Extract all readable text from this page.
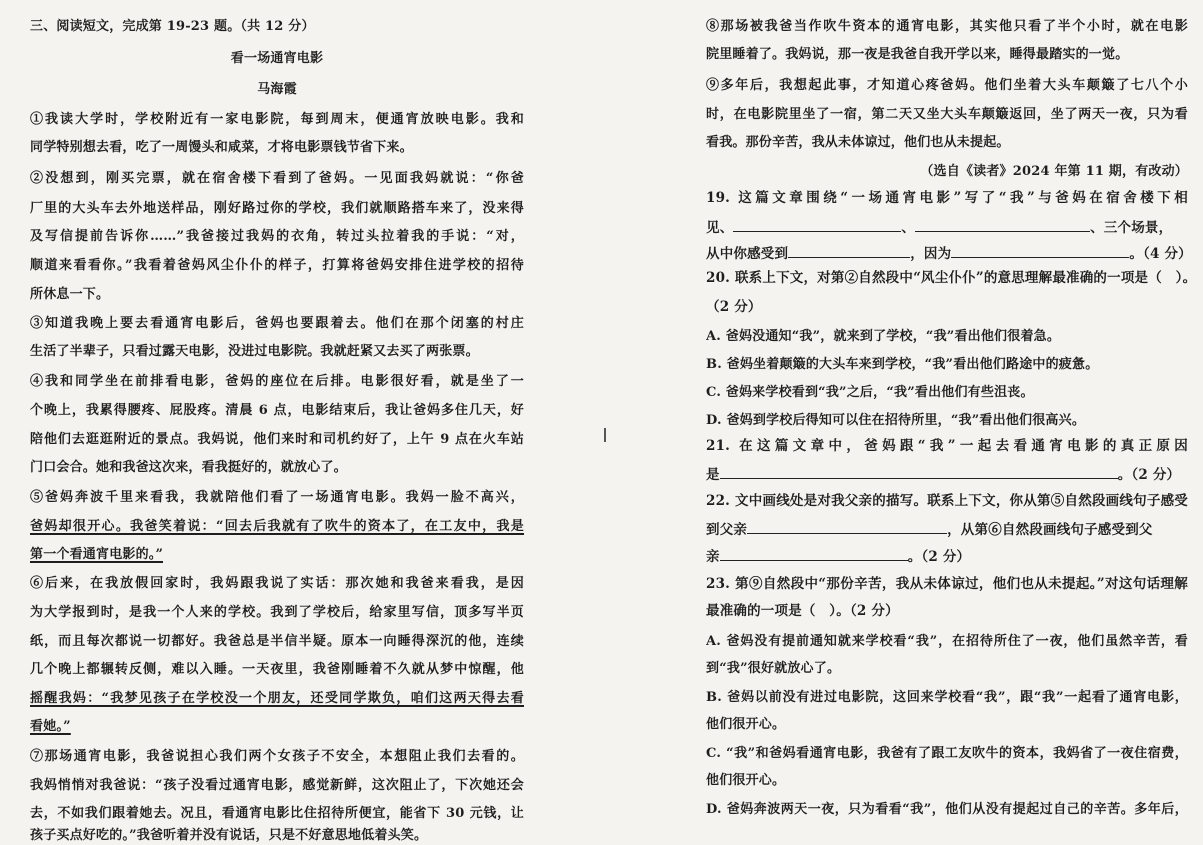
三、阅读短文，完成第 19-23 题。（共 12 分）

看一场通宵电影

马海霞

①我读大学时，学校附近有一家电影院，每到周末，便通宵放映电影。我和

同学特别想去看，吃了一周馒头和咸菜，才将电影票钱节省下来。

②没想到，刚买完票，就在宿舍楼下看到了爸妈。一见面我妈就说：“你爸

厂里的大头车去外地送样品，刚好路过你的学校，我们就顺路搭车来了，没来得

及写信提前告诉你……”我爸接过我妈的衣角，转过头拉着我的手说：“对，

顺道来看看你。”我看着爸妈风尘仆仆的样子，打算将爸妈安排住进学校的招待

所休息一下。

③知道我晚上要去看通宵电影后，爸妈也要跟着去。他们在那个闭塞的村庄

生活了半辈子，只看过露天电影，没进过电影院。我就赶紧又去买了两张票。

④我和同学坐在前排看电影，爸妈的座位在后排。电影很好看，就是坐了一

个晚上，我累得腰疼、屁股疼。清晨 6 点，电影结束后，我让爸妈多住几天，好

陪他们去逛逛附近的景点。我妈说，他们来时和司机约好了，上午 9 点在火车站

门口会合。她和我爸这次来，看我挺好的，就放心了。

⑤爸妈奔波千里来看我，我就陪他们看了一场通宵电影。我妈一脸不高兴，

爸妈却很开心。我爸笑着说：“回去后我就有了吹牛的资本了，在工友中，我是

第一个看通宵电影的。”

⑥后来，在我放假回家时，我妈跟我说了实话：那次她和我爸来看我，是因

为大学报到时，是我一个人来的学校。我到了学校后，给家里写信，顶多写半页

纸，而且每次都说一切都好。我爸总是半信半疑。原本一向睡得深沉的他，连续

几个晚上都辗转反侧，难以入睡。一天夜里，我爸刚睡着不久就从梦中惊醒，他

摇醒我妈：“我梦见孩子在学校没一个朋友，还受同学欺负，咱们这两天得去看

看她。”

⑦那场通宵电影，我爸说担心我们两个女孩子不安全，本想阻止我们去看的。

我妈悄悄对我爸说：“孩子没看过通宵电影，感觉新鲜，这次阻止了，下次她还会

去，不如我们跟着她去。况且，看通宵电影比住招待所便宜，能省下 30 元钱，让

孩子买点好吃的。”我爸听着并没有说话，只是不好意思地低着头笑。

⑧那场被我爸当作吹牛资本的通宵电影，其实他只看了半个小时，就在电影

院里睡着了。我妈说，那一夜是我爸自我开学以来，睡得最踏实的一觉。

⑨多年后，我想起此事，才知道心疼爸妈。他们坐着大头车颠簸了七八个小

时，在电影院里坐了一宿，第二天又坐大头车颠簸返回，坐了两天一夜，只为看

看我。那份辛苦，我从未体谅过，他们也从未提起。

（选自《读者》2024 年第 11 期，有改动）

19. 这篇文章围绕“一场通宵电影”写了“我”与爸妈在宿舍楼下相

见、	、	、三个场景，

从中你感受到	，因为	。（4 分）

20. 联系上下文，对第②自然段中“风尘仆仆”的意思理解最准确的一项是（　）。

（2 分）

A. 爸妈没通知“我”，就来到了学校，“我”看出他们很着急。

B. 爸妈坐着颠簸的大头车来到学校，“我”看出他们路途中的疲惫。

C. 爸妈来学校看到“我”之后，“我”看出他们有些沮丧。

D. 爸妈到学校后得知可以住在招待所里，“我”看出他们很高兴。

21. 在这篇文章中，爸妈跟“我”一起去看通宵电影的真正原因

是	。（2 分）

22. 文中画线处是对我父亲的描写。联系上下文，你从第⑤自然段画线句子感受

到父亲	，从第⑥自然段画线句子感受到父

亲	。（2 分）

23. 第⑨自然段中“那份辛苦，我从未体谅过，他们也从未提起。”对这句话理解

最准确的一项是（　）。（2 分）

A. 爸妈没有提前通知就来学校看“我”，在招待所住了一夜，他们虽然辛苦，看

到“我”很好就放心了。

B. 爸妈以前没有进过电影院，这回来学校看“我”，跟“我”一起看了通宵电影，

他们很开心。

C. “我”和爸妈看通宵电影，我爸有了跟工友吹牛的资本，我妈省了一夜住宿费，

他们很开心。

D. 爸妈奔波两天一夜，只为看看“我”，他们从没有提起过自己的辛苦。多年后，
